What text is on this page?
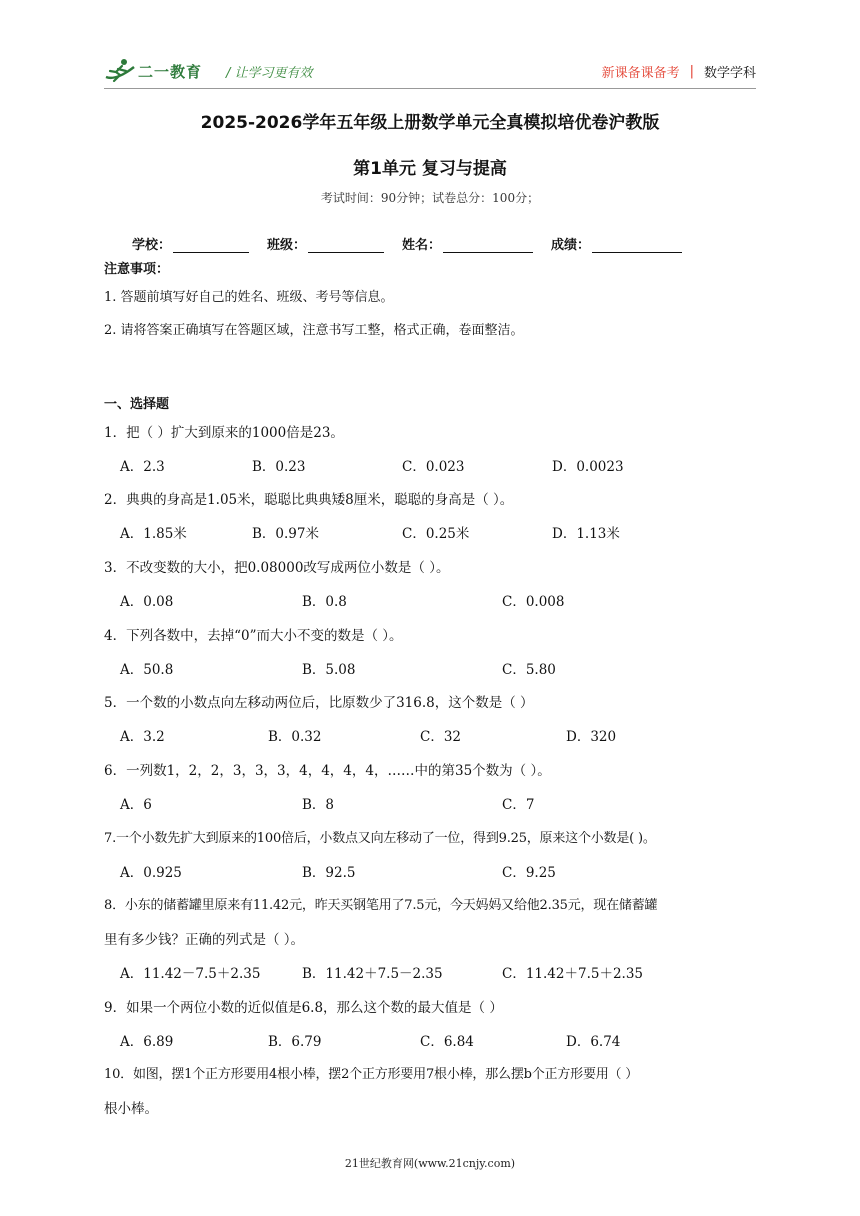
二一教育 / 让学习更有效	新课备课备考 | 数学学科
2025-2026学年五年级上册数学单元全真模拟培优卷沪教版
第1单元 复习与提高
考试时间：90分钟；试卷总分：100分；
学校：	班级：	姓名：	成绩：
注意事项：
1. 答题前填写好自己的姓名、班级、考号等信息。
2. 请将答案正确填写在答题区域，注意书写工整，格式正确，卷面整洁。
一、选择题
1．把（ ）扩大到原来的1000倍是23。
A．2.3	B．0.23	C．0.023	D．0.0023
2．典典的身高是1.05米，聪聪比典典矮8厘米，聪聪的身高是（ ）。
A．1.85米	B．0.97米	C．0.25米	D．1.13米
3．不改变数的大小，把0.08000改写成两位小数是（ ）。
A．0.08	B．0.8	C．0.008
4．下列各数中，去掉“0”而大小不变的数是（ ）。
A．50.8	B．5.08	C．5.80
5．一个数的小数点向左移动两位后，比原数少了316.8，这个数是（ ）
A．3.2	B．0.32	C．32	D．320
6．一列数1，2，2，3，3，3，4，4，4，4，……中的第35个数为（ ）。
A．6	B．8	C．7
7.一个小数先扩大到原来的100倍后，小数点又向左移动了一位，得到9.25，原来这个小数是( )。
A．0.925	B．92.5	C．9.25
8．小东的储蓄罐里原来有11.42元，昨天买钢笔用了7.5元，今天妈妈又给他2.35元，现在储蓄罐
里有多少钱？正确的列式是（ ）。
A．11.42－7.5＋2.35	B．11.42＋7.5－2.35	C．11.42＋7.5＋2.35
9．如果一个两位小数的近似值是6.8，那么这个数的最大值是（ ）
A．6.89	B．6.79	C．6.84	D．6.74
10．如图，摆1个正方形要用4根小棒，摆2个正方形要用7根小棒，那么摆b个正方形要用（ ）
根小棒。
21世纪教育网(www.21cnjy.com)
